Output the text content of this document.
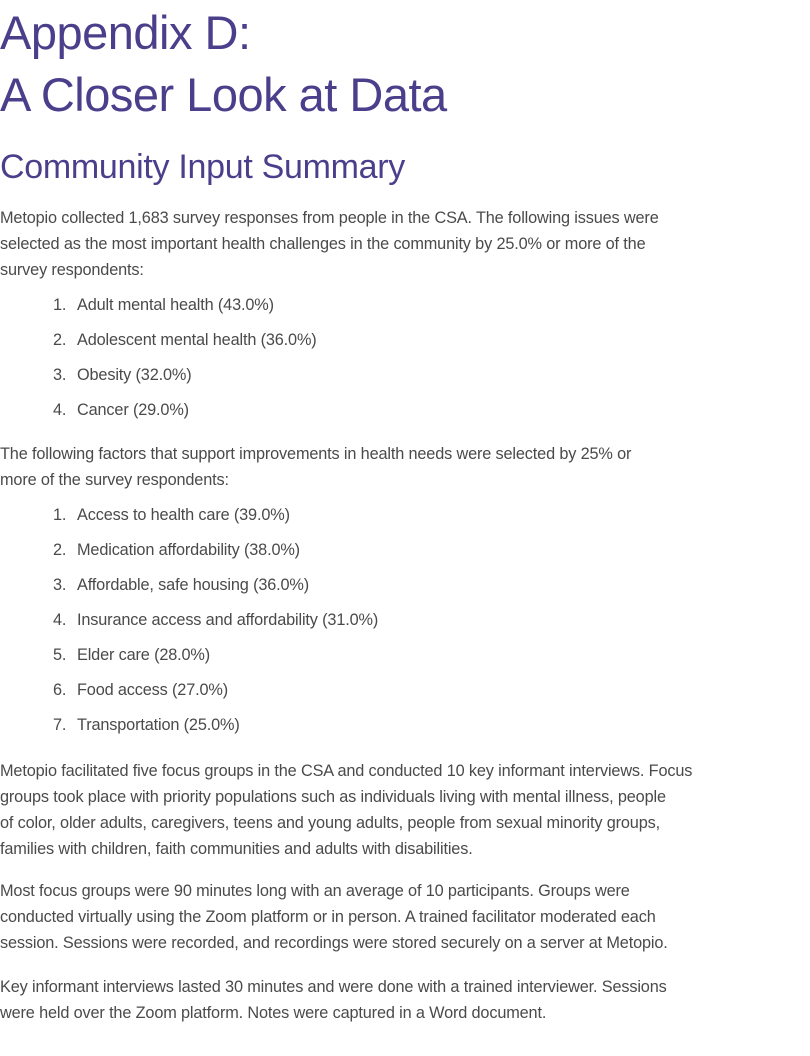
Appendix D:
A Closer Look at Data
Community Input Summary
Metopio collected 1,683 survey responses from people in the CSA. The following issues were
selected as the most important health challenges in the community by 25.0% or more of the
survey respondents:
1. Adult mental health (43.0%)
2. Adolescent mental health (36.0%)
3. Obesity (32.0%)
4. Cancer (29.0%)
The following factors that support improvements in health needs were selected by 25% or
more of the survey respondents:
1. Access to health care (39.0%)
2. Medication affordability (38.0%)
3. Affordable, safe housing (36.0%)
4. Insurance access and affordability (31.0%)
5. Elder care (28.0%)
6. Food access (27.0%)
7. Transportation (25.0%)
Metopio facilitated five focus groups in the CSA and conducted 10 key informant interviews. Focus
groups took place with priority populations such as individuals living with mental illness, people
of color, older adults, caregivers, teens and young adults, people from sexual minority groups,
families with children, faith communities and adults with disabilities.
Most focus groups were 90 minutes long with an average of 10 participants. Groups were
conducted virtually using the Zoom platform or in person. A trained facilitator moderated each
session. Sessions were recorded, and recordings were stored securely on a server at Metopio.
Key informant interviews lasted 30 minutes and were done with a trained interviewer. Sessions
were held over the Zoom platform. Notes were captured in a Word document.
